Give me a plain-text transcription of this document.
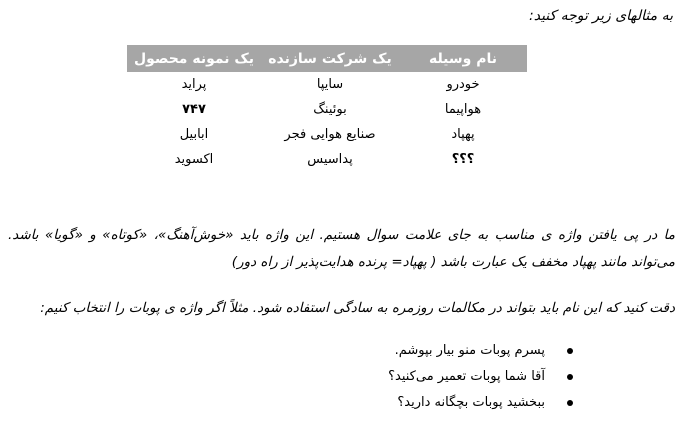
به مثالهای زیر توجه کنید:
نام وسیله	یک شرکت سازنده	یک نمونه محصول
خودرو	سایپا	پراید
هواپیما	بوئینگ	۷۴۷
پهپاد	صنایع هوایی فجر	ابابیل
؟؟؟	پداسیس	اکسوید

ما در پی یافتن واژه ی مناسب به جای علامت سوال هستیم. این واژه باید «خوش‌آهنگ»، «کوتاه» و «گویا» باشد. می‌تواند مانند پهپاد مخفف یک عبارت باشد ( پهپاد= پرنده هدایت‌پذیر از راه دور)

دقت کنید که این نام باید بتواند در مکالمات روزمره به سادگی استفاده شود. مثلاً اگر واژه ی پوبات را انتخاب کنیم:

پسرم پوبات منو بیار بپوشم.
آقا شما پوبات تعمیر می‌کنید؟
ببخشید پوبات بچگانه دارید؟
